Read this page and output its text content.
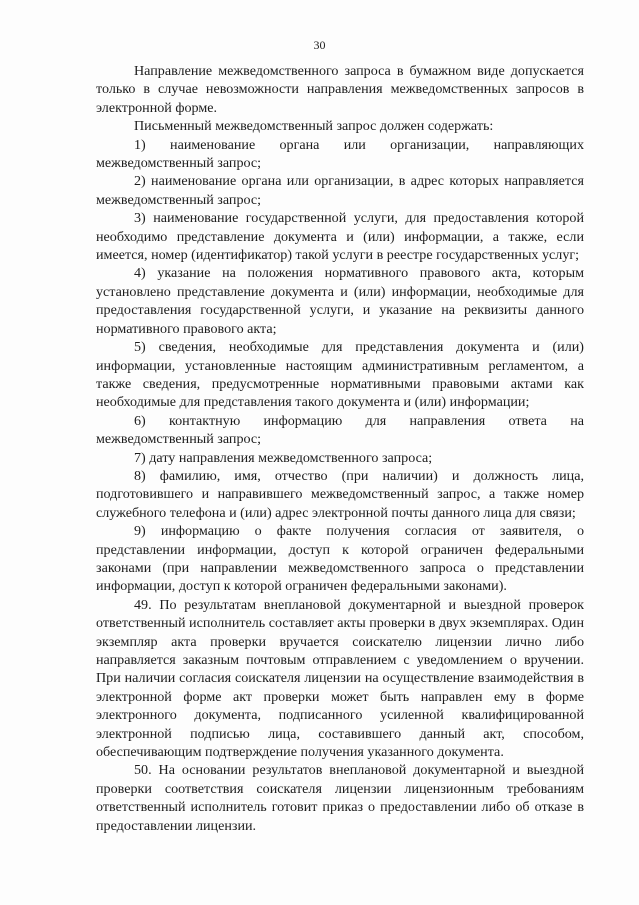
30

Направление межведомственного запроса в бумажном виде допускается только в случае невозможности направления межведомственных запросов в электронной форме.

Письменный межведомственный запрос должен содержать:

1) наименование органа или организации, направляющих межведомственный запрос;

2) наименование органа или организации, в адрес которых направляется межведомственный запрос;

3) наименование государственной услуги, для предоставления которой необходимо представление документа и (или) информации, а также, если имеется, номер (идентификатор) такой услуги в реестре государственных услуг;

4) указание на положения нормативного правового акта, которым установлено представление документа и (или) информации, необходимые для предоставления государственной услуги, и указание на реквизиты данного нормативного правового акта;

5) сведения, необходимые для представления документа и (или) информации, установленные настоящим административным регламентом, а также сведения, предусмотренные нормативными правовыми актами как необходимые для представления такого документа и (или) информации;

6) контактную информацию для направления ответа на межведомственный запрос;

7) дату направления межведомственного запроса;

8) фамилию, имя, отчество (при наличии) и должность лица, подготовившего и направившего межведомственный запрос, а также номер служебного телефона и (или) адрес электронной почты данного лица для связи;

9) информацию о факте получения согласия от заявителя, о представлении информации, доступ к которой ограничен федеральными законами (при направлении межведомственного запроса о представлении информации, доступ к которой ограничен федеральными законами).

49. По результатам внеплановой документарной и выездной проверок ответственный исполнитель составляет акты проверки в двух экземплярах. Один экземпляр акта проверки вручается соискателю лицензии лично либо направляется заказным почтовым отправлением с уведомлением о вручении. При наличии согласия соискателя лицензии на осуществление взаимодействия в электронной форме акт проверки может быть направлен ему в форме электронного документа, подписанного усиленной квалифицированной электронной подписью лица, составившего данный акт, способом, обеспечивающим подтверждение получения указанного документа.

50. На основании результатов внеплановой документарной и выездной проверки соответствия соискателя лицензии лицензионным требованиям ответственный исполнитель готовит приказ о предоставлении либо об отказе в предоставлении лицензии.
